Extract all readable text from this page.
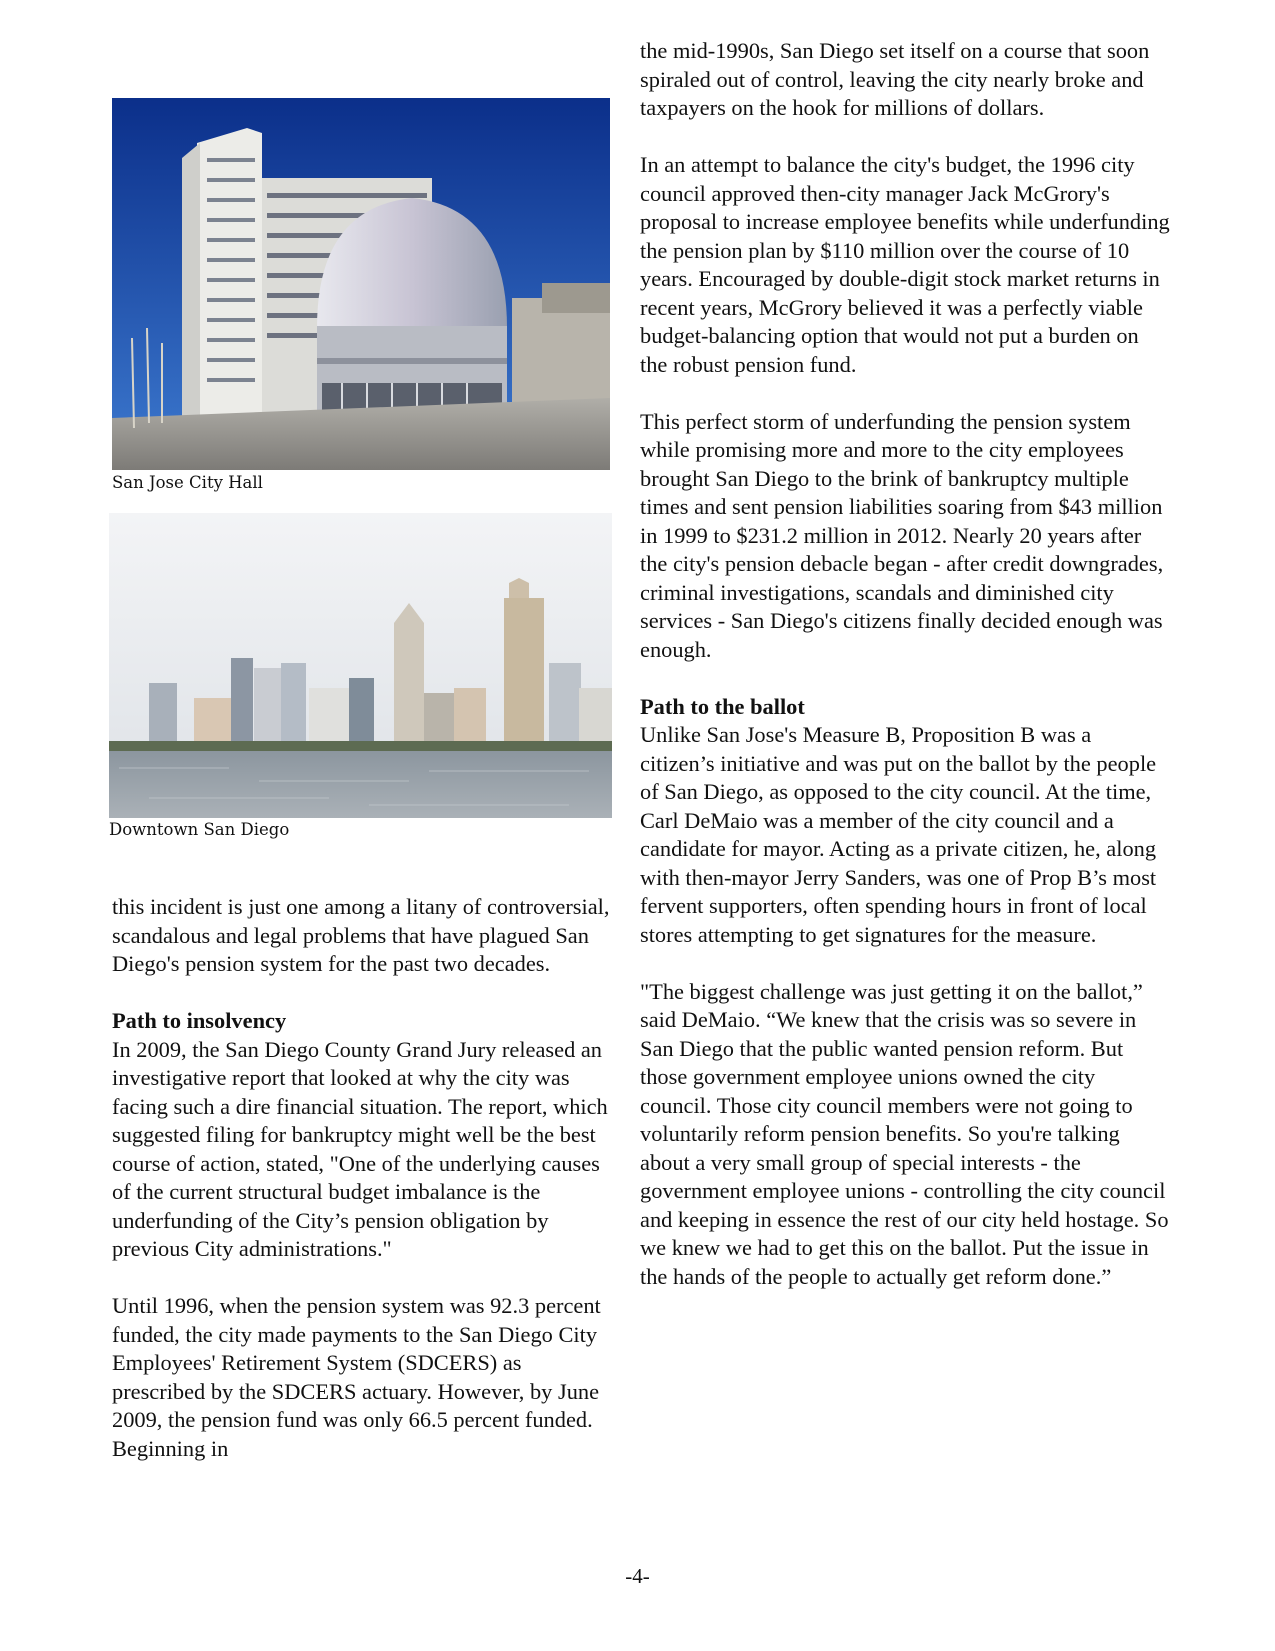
San Jose City Hall
Downtown San Diego

this incident is just one among a litany of controversial, scandalous and legal problems that have plagued San Diego's pension system for the past two decades.

Path to insolvency

In 2009, the San Diego County Grand Jury released an investigative report that looked at why the city was facing such a dire financial situation. The report, which suggested filing for bankruptcy might well be the best course of action, stated, "One of the underlying causes of the current structural budget imbalance is the underfunding of the City’s pension obligation by previous City administrations."

Until 1996, when the pension system was 92.3 percent funded, the city made payments to the San Diego City Employees' Retirement System (SDCERS) as prescribed by the SDCERS actuary. However, by June 2009, the pension fund was only 66.5 percent funded. Beginning in

the mid-1990s, San Diego set itself on a course that soon spiraled out of control, leaving the city nearly broke and taxpayers on the hook for millions of dollars.

In an attempt to balance the city's budget, the 1996 city council approved then-city manager Jack McGrory's proposal to increase employee benefits while underfunding the pension plan by $110 million over the course of 10 years. Encouraged by double-digit stock market returns in recent years, McGrory believed it was a perfectly viable budget-balancing option that would not put a burden on the robust pension fund.

This perfect storm of underfunding the pension system while promising more and more to the city employees brought San Diego to the brink of bankruptcy multiple times and sent pension liabilities soaring from $43 million in 1999 to $231.2 million in 2012. Nearly 20 years after the city's pension debacle began - after credit downgrades, criminal investigations, scandals and diminished city services - San Diego's citizens finally decided enough was enough.

Path to the ballot

Unlike San Jose's Measure B, Proposition B was a citizen’s initiative and was put on the ballot by the people of San Diego, as opposed to the city council. At the time, Carl DeMaio was a member of the city council and a candidate for mayor. Acting as a private citizen, he, along with then-mayor Jerry Sanders, was one of Prop B’s most fervent supporters, often spending hours in front of local stores attempting to get signatures for the measure.

"The biggest challenge was just getting it on the ballot,” said DeMaio. “We knew that the crisis was so severe in San Diego that the public wanted pension reform. But those government employee unions owned the city council. Those city council members were not going to voluntarily reform pension benefits. So you're talking about a very small group of special interests - the government employee unions - controlling the city council and keeping in essence the rest of our city held hostage. So we knew we had to get this on the ballot. Put the issue in the hands of the people to actually get reform done.”

-4-
